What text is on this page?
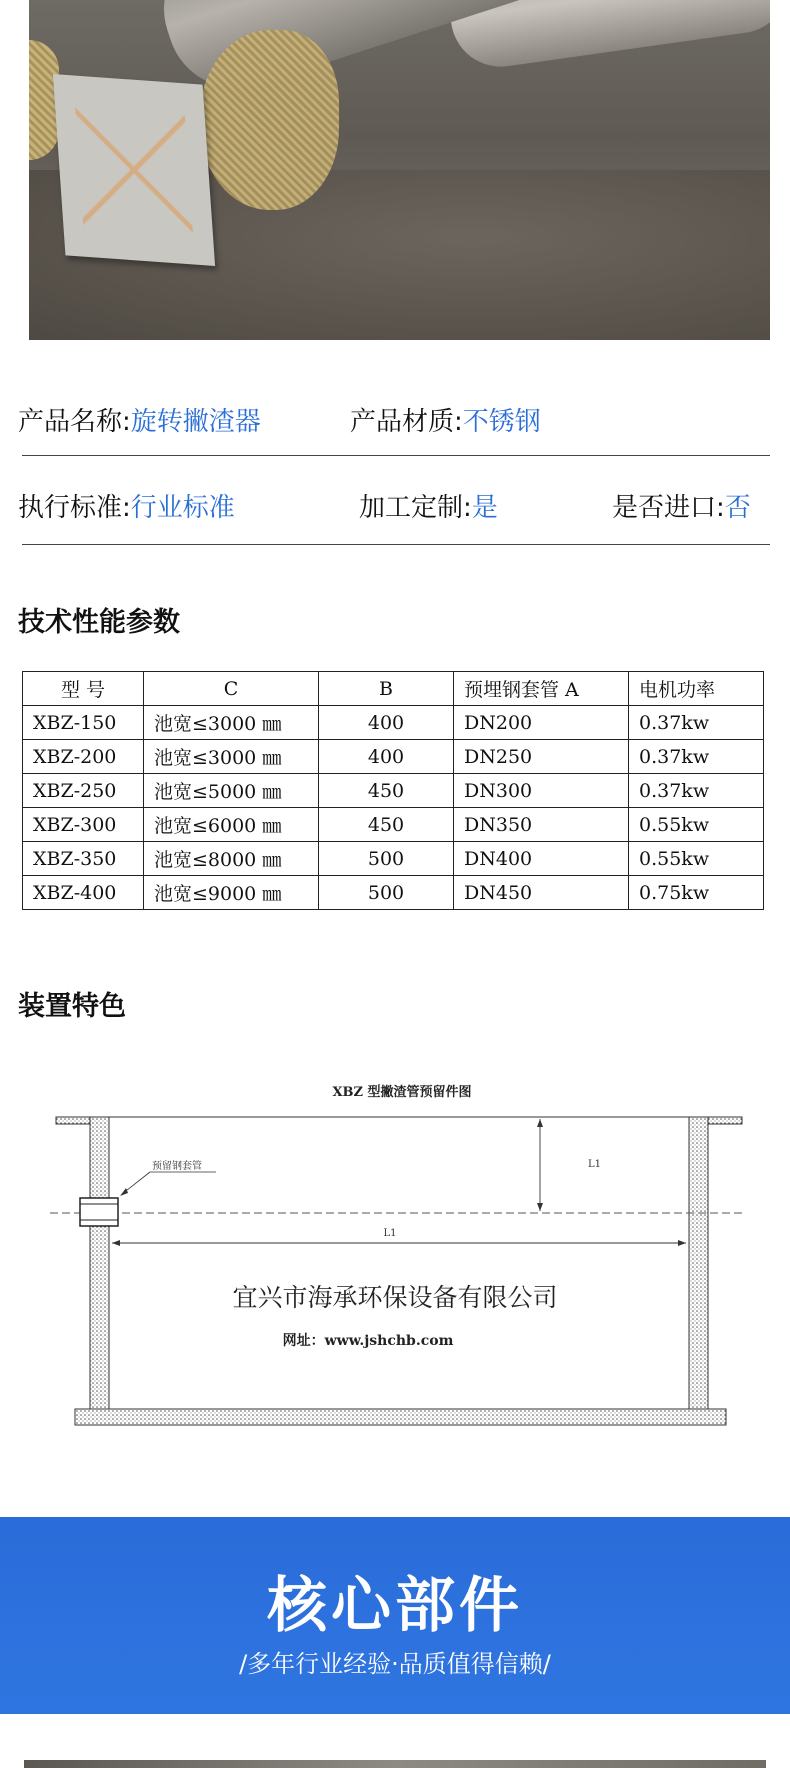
产品名称:旋转撇渣器	产品材质:不锈钢
执行标准:行业标准	加工定制:是	是否进口:否
技术性能参数
型 号	C	B	预埋钢套管 A	电机功率
XBZ-150	池宽≤3000 ㎜	400	DN200	0.37kw
XBZ-200	池宽≤3000 ㎜	400	DN250	0.37kw
XBZ-250	池宽≤5000 ㎜	450	DN300	0.37kw
XBZ-300	池宽≤6000 ㎜	450	DN350	0.55kw
XBZ-350	池宽≤8000 ㎜	500	DN400	0.55kw
XBZ-400	池宽≤9000 ㎜	500	DN450	0.75kw
装置特色
XBZ 型撇渣管预留件图
预留钢套管	L1
L1
宜兴市海承环保设备有限公司
网址：www.jshchb.com
核心部件
/多年行业经验·品质值得信赖/
